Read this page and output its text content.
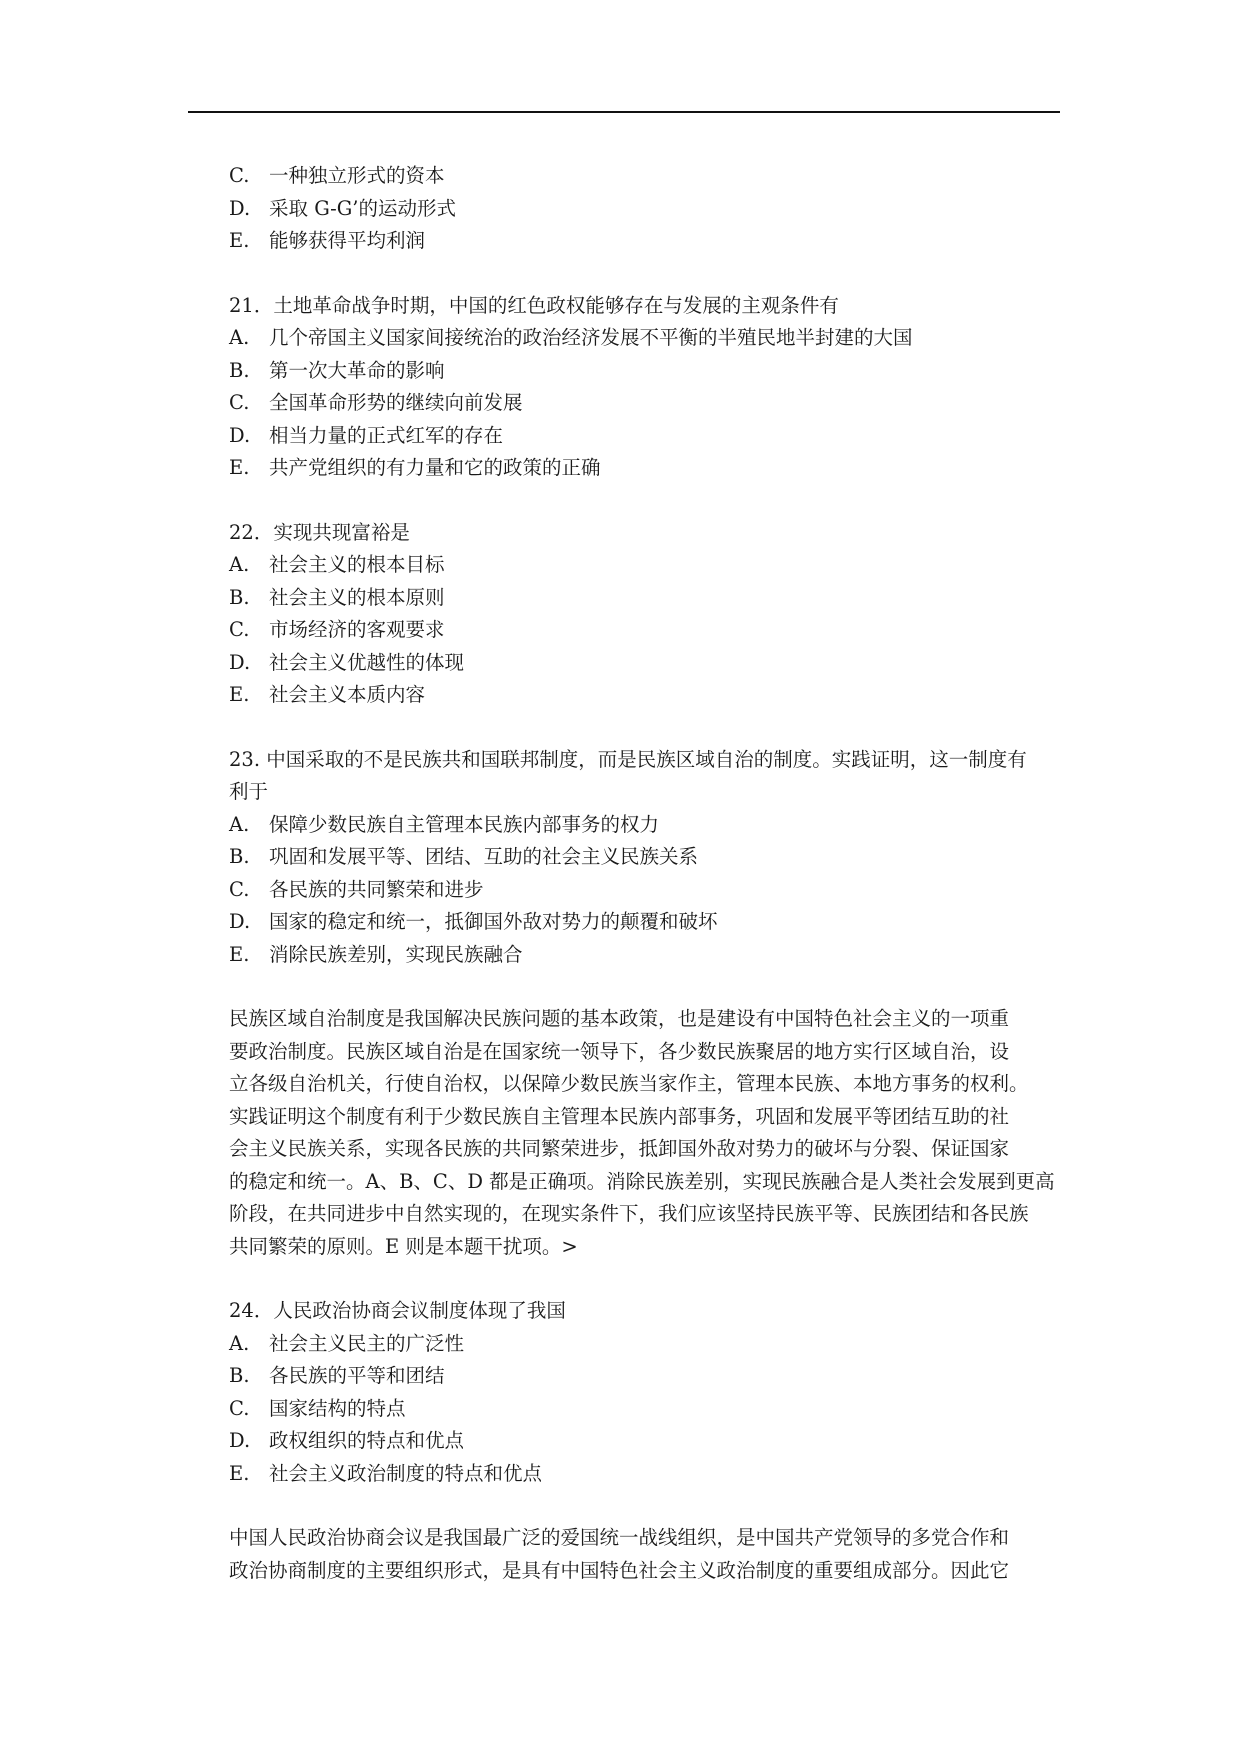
C. 一种独立形式的资本
D. 采取 G-G’的运动形式
E. 能够获得平均利润
21．土地革命战争时期，中国的红色政权能够存在与发展的主观条件有
A. 几个帝国主义国家间接统治的政治经济发展不平衡的半殖民地半封建的大国
B. 第一次大革命的影响
C. 全国革命形势的继续向前发展
D. 相当力量的正式红军的存在
E. 共产党组织的有力量和它的政策的正确
22．实现共现富裕是
A. 社会主义的根本目标
B. 社会主义的根本原则
C. 市场经济的客观要求
D. 社会主义优越性的体现
E. 社会主义本质内容
23. 中国采取的不是民族共和国联邦制度，而是民族区域自治的制度。实践证明，这一制度有
利于
A. 保障少数民族自主管理本民族内部事务的权力
B. 巩固和发展平等、团结、互助的社会主义民族关系
C. 各民族的共同繁荣和进步
D. 国家的稳定和统一，抵御国外敌对势力的颠覆和破坏
E. 消除民族差别，实现民族融合
民族区域自治制度是我国解决民族问题的基本政策，也是建设有中国特色社会主义的一项重
要政治制度。民族区域自治是在国家统一领导下，各少数民族聚居的地方实行区域自治，设
立各级自治机关，行使自治权，以保障少数民族当家作主，管理本民族、本地方事务的权利。
实践证明这个制度有利于少数民族自主管理本民族内部事务，巩固和发展平等团结互助的社
会主义民族关系，实现各民族的共同繁荣进步，抵卸国外敌对势力的破坏与分裂、保证国家
的稳定和统一。A、B、C、D 都是正确项。消除民族差别，实现民族融合是人类社会发展到更高
阶段，在共同进步中自然实现的，在现实条件下，我们应该坚持民族平等、民族团结和各民族
共同繁荣的原则。E 则是本题干扰项。>
24．人民政治协商会议制度体现了我国
A. 社会主义民主的广泛性
B. 各民族的平等和团结
C. 国家结构的特点
D. 政权组织的特点和优点
E. 社会主义政治制度的特点和优点
中国人民政治协商会议是我国最广泛的爱国统一战线组织，是中国共产党领导的多党合作和
政治协商制度的主要组织形式，是具有中国特色社会主义政治制度的重要组成部分。因此它
